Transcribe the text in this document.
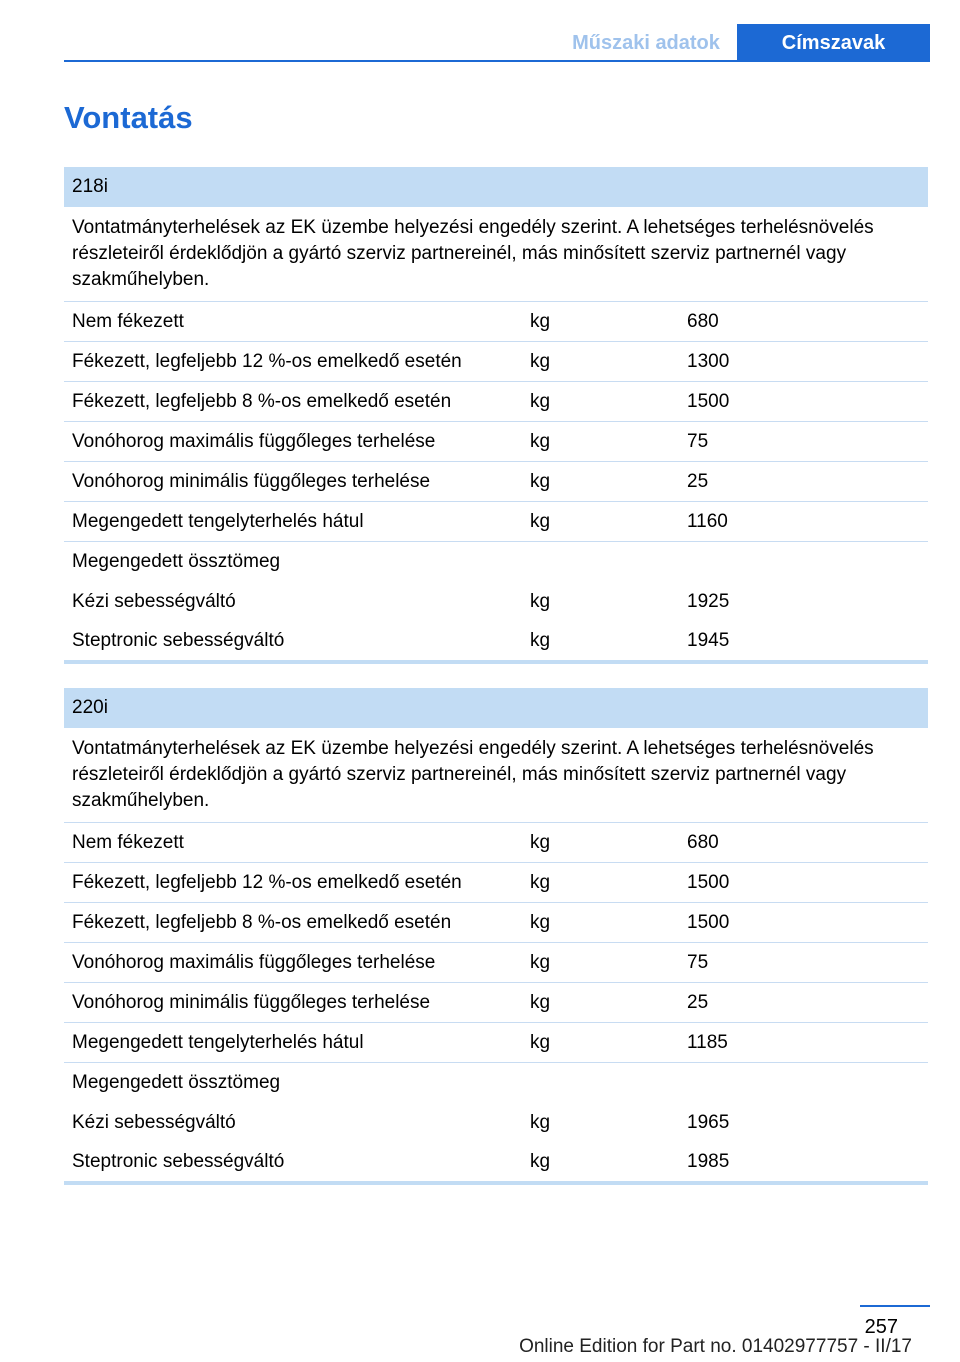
Műszaki adatok	Címszavak
Vontatás
218i		
Vontatmányterhelések az EK üzembe helyezési engedély szerint. A lehetséges terhelésnövelés részleteiről érdeklődjön a gyártó szerviz partnereinél, más minősített szerviz partnernél vagy szakműhelyben.		
Nem fékezett	kg	680
Fékezett, legfeljebb 12 %-os emelkedő esetén	kg	1300
Fékezett, legfeljebb 8 %-os emelkedő esetén	kg	1500
Vonóhorog maximális függőleges terhelése	kg	75
Vonóhorog minimális függőleges terhelése	kg	25
Megengedett tengelyterhelés hátul	kg	1160
Megengedett össztömeg		
Kézi sebességváltó	kg	1925
Steptronic sebességváltó	kg	1945
220i		
Vontatmányterhelések az EK üzembe helyezési engedély szerint. A lehetséges terhelésnövelés részleteiről érdeklődjön a gyártó szerviz partnereinél, más minősített szerviz partnernél vagy szakműhelyben.		
Nem fékezett	kg	680
Fékezett, legfeljebb 12 %-os emelkedő esetén	kg	1500
Fékezett, legfeljebb 8 %-os emelkedő esetén	kg	1500
Vonóhorog maximális függőleges terhelése	kg	75
Vonóhorog minimális függőleges terhelése	kg	25
Megengedett tengelyterhelés hátul	kg	1185
Megengedett össztömeg		
Kézi sebességváltó	kg	1965
Steptronic sebességváltó	kg	1985
257
Online Edition for Part no. 01402977757 - II/17
